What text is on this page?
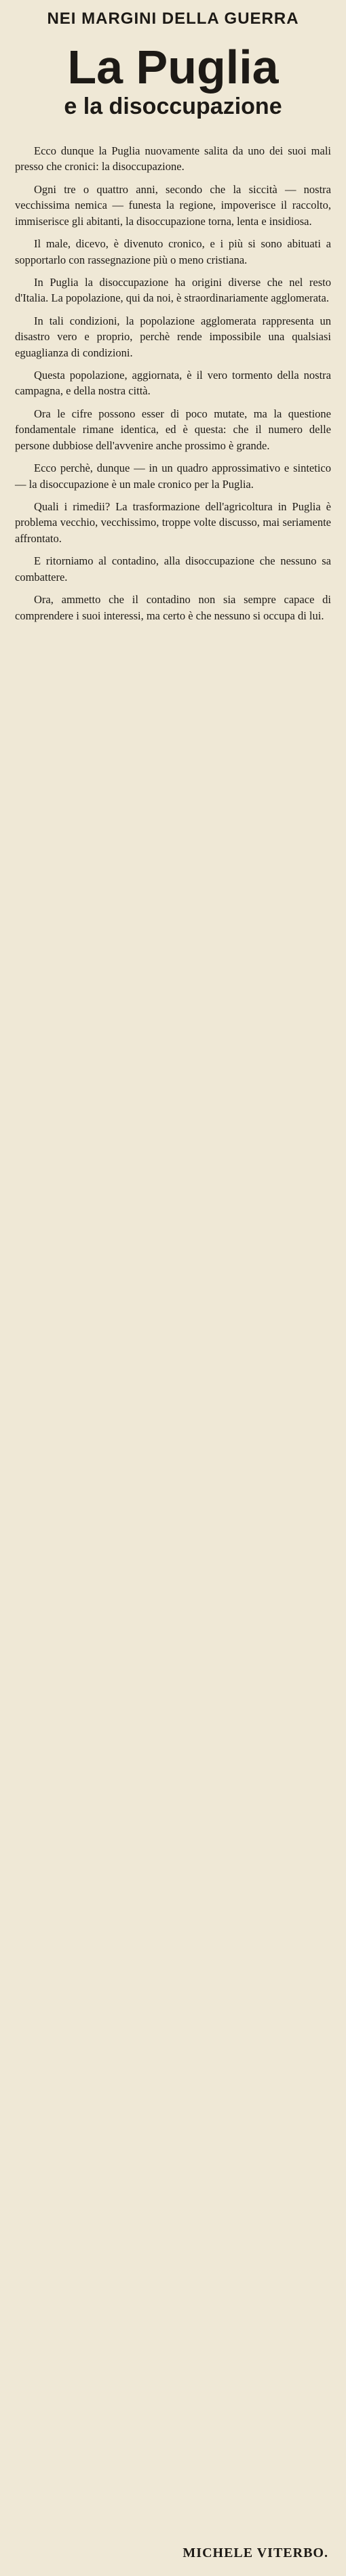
NEI MARGINI DELLA GUERRA
La Puglia
e la disoccupazione

Ecco dunque la Puglia nuovamente salita da uno dei suoi mali presso che cronici: la disoccupazione.

Ogni tre o quattro anni, secondo che la siccità — nostra vecchissima nemica — funesta la regione, impoverisce il raccolto, immiserisce gli abitanti, la disoccupazione torna, lenta e insidiosa.

Il male, dicevo, è divenuto cronico, e i più si sono abituati a sopportarlo con rassegnazione più o meno cristiana.

In Puglia la disoccupazione ha origini diverse che nel resto d'Italia. La popolazione, qui da noi, è straordinariamente agglomerata.

In tali condizioni, la popolazione agglomerata rappresenta un disastro vero e proprio, perchè rende impossibile una qualsiasi eguaglianza di condizioni.

Questa popolazione, aggiornata, è il vero tormento della nostra campagna, e della nostra città.

Ora le cifre possono esser di poco mutate, ma la questione fondamentale rimane identica, ed è questa: che il numero delle persone dubbiose dell'avvenire anche prossimo è grande.

Ecco perchè, dunque — in un quadro approssimativo e sintetico — la disoccupazione è un male cronico per la Puglia.

Quali i rimedii? La trasformazione dell'agricoltura in Puglia è problema vecchio, vecchissimo, troppe volte discusso, mai seriamente affrontato.

E ritorniamo al contadino, alla disoccupazione che nessuno sa combattere.

Ora, ammetto che il contadino non sia sempre capace di comprendere i suoi interessi, ma certo è che nessuno si occupa di lui.

MICHELE VITERBO.
